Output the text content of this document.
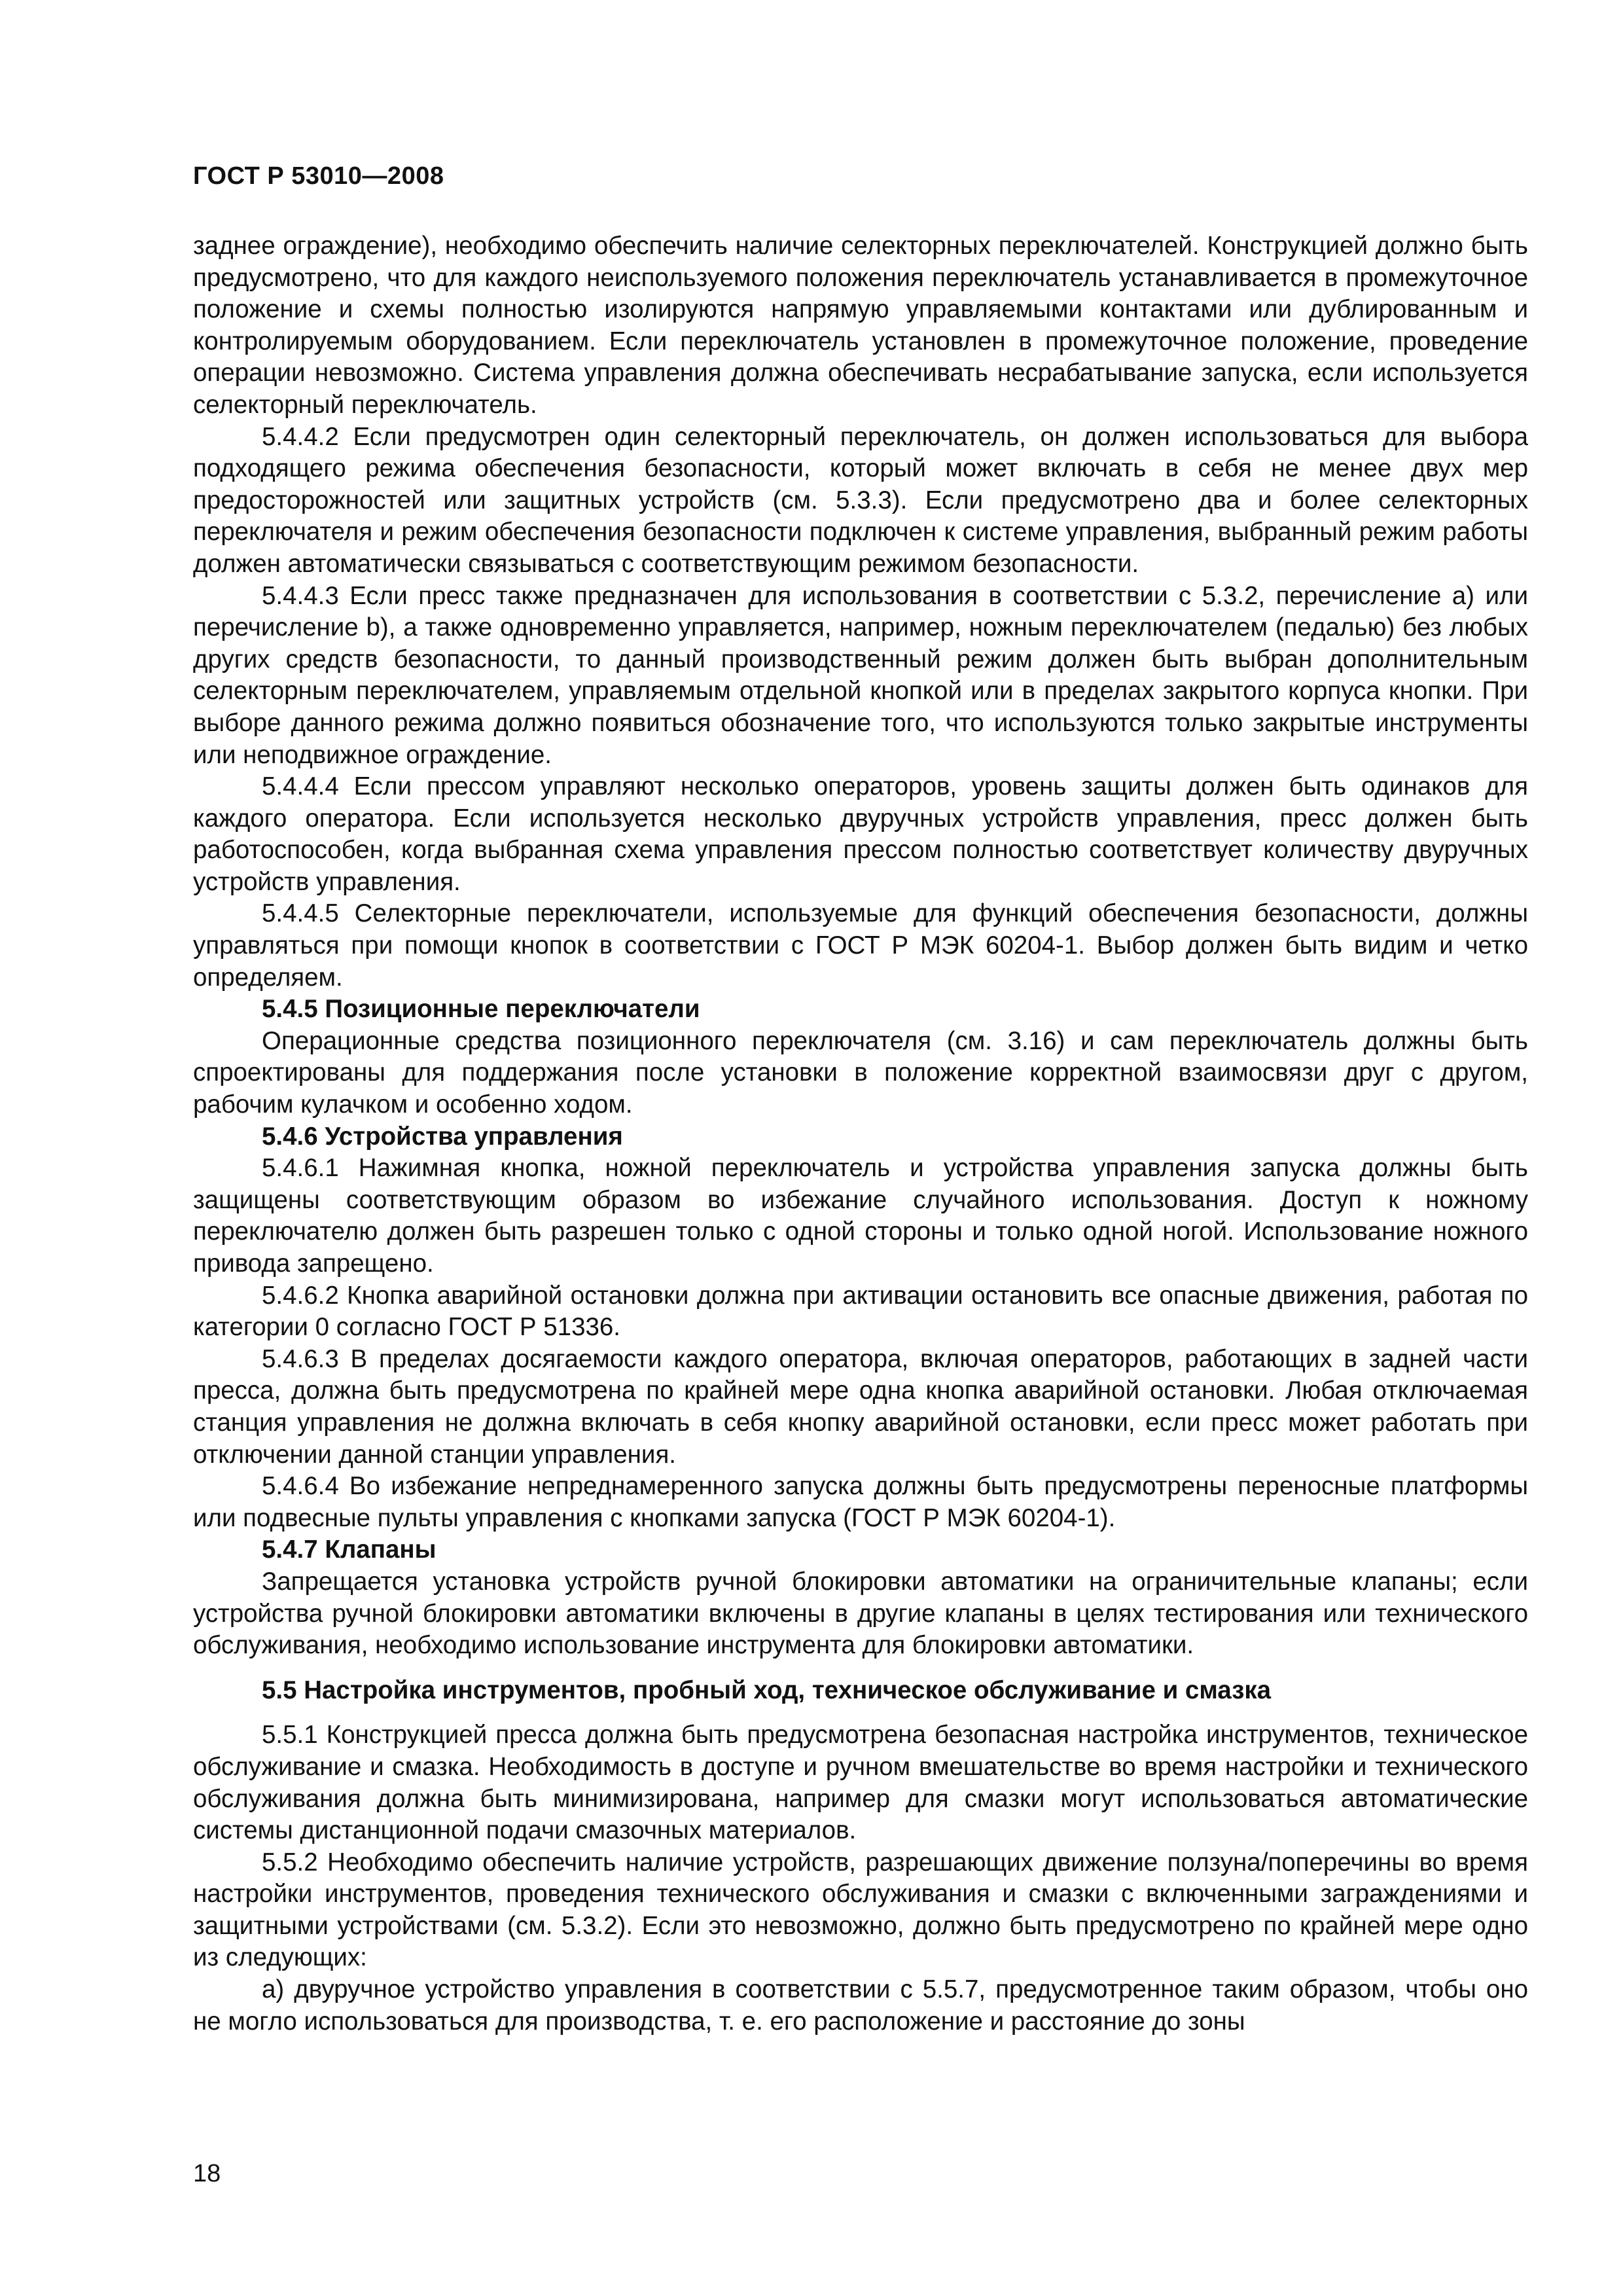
ГОСТ Р 53010—2008

заднее ограждение), необходимо обеспечить наличие селекторных переключателей. Конструкцией должно быть предусмотрено, что для каждого неиспользуемого положения переключатель устанавливается в промежуточное положение и схемы полностью изолируются напрямую управляемыми контактами или дублированным и контролируемым оборудованием. Если переключатель установлен в промежуточное положение, проведение операции невозможно. Система управления должна обеспечивать несрабатывание запуска, если используется селекторный переключатель.

5.4.4.2 Если предусмотрен один селекторный переключатель, он должен использоваться для выбора подходящего режима обеспечения безопасности, который может включать в себя не менее двух мер предосторожностей или защитных устройств (см. 5.3.3). Если предусмотрено два и более селекторных переключателя и режим обеспечения безопасности подключен к системе управления, выбранный режим работы должен автоматически связываться с соответствующим режимом безопасности.

5.4.4.3 Если пресс также предназначен для использования в соответствии с 5.3.2, перечисление а) или перечисление b), а также одновременно управляется, например, ножным переключателем (педалью) без любых других средств безопасности, то данный производственный режим должен быть выбран дополнительным селекторным переключателем, управляемым отдельной кнопкой или в пределах закрытого корпуса кнопки. При выборе данного режима должно появиться обозначение того, что используются только закрытые инструменты или неподвижное ограждение.

5.4.4.4 Если прессом управляют несколько операторов, уровень защиты должен быть одинаков для каждого оператора. Если используется несколько двуручных устройств управления, пресс должен быть работоспособен, когда выбранная схема управления прессом полностью соответствует количеству двуручных устройств управления.

5.4.4.5 Селекторные переключатели, используемые для функций обеспечения безопасности, должны управляться при помощи кнопок в соответствии с ГОСТ Р МЭК 60204-1. Выбор должен быть видим и четко определяем.

5.4.5 Позиционные переключатели

Операционные средства позиционного переключателя (см. 3.16) и сам переключатель должны быть спроектированы для поддержания после установки в положение корректной взаимосвязи друг с другом, рабочим кулачком и особенно ходом.

5.4.6 Устройства управления

5.4.6.1 Нажимная кнопка, ножной переключатель и устройства управления запуска должны быть защищены соответствующим образом во избежание случайного использования. Доступ к ножному переключателю должен быть разрешен только с одной стороны и только одной ногой. Использование ножного привода запрещено.

5.4.6.2 Кнопка аварийной остановки должна при активации остановить все опасные движения, работая по категории 0 согласно ГОСТ Р 51336.

5.4.6.3 В пределах досягаемости каждого оператора, включая операторов, работающих в задней части пресса, должна быть предусмотрена по крайней мере одна кнопка аварийной остановки. Любая отключаемая станция управления не должна включать в себя кнопку аварийной остановки, если пресс может работать при отключении данной станции управления.

5.4.6.4 Во избежание непреднамеренного запуска должны быть предусмотрены переносные платформы или подвесные пульты управления с кнопками запуска (ГОСТ Р МЭК 60204-1).

5.4.7 Клапаны

Запрещается установка устройств ручной блокировки автоматики на ограничительные клапаны; если устройства ручной блокировки автоматики включены в другие клапаны в целях тестирования или технического обслуживания, необходимо использование инструмента для блокировки автоматики.

5.5 Настройка инструментов, пробный ход, техническое обслуживание и смазка

5.5.1 Конструкцией пресса должна быть предусмотрена безопасная настройка инструментов, техническое обслуживание и смазка. Необходимость в доступе и ручном вмешательстве во время настройки и технического обслуживания должна быть минимизирована, например для смазки могут использоваться автоматические системы дистанционной подачи смазочных материалов.

5.5.2 Необходимо обеспечить наличие устройств, разрешающих движение ползуна/поперечины во время настройки инструментов, проведения технического обслуживания и смазки с включенными заграждениями и защитными устройствами (см. 5.3.2). Если это невозможно, должно быть предусмотрено по крайней мере одно из следующих:

а) двуручное устройство управления в соответствии с 5.5.7, предусмотренное таким образом, чтобы оно не могло использоваться для производства, т. е. его расположение и расстояние до зоны

18
